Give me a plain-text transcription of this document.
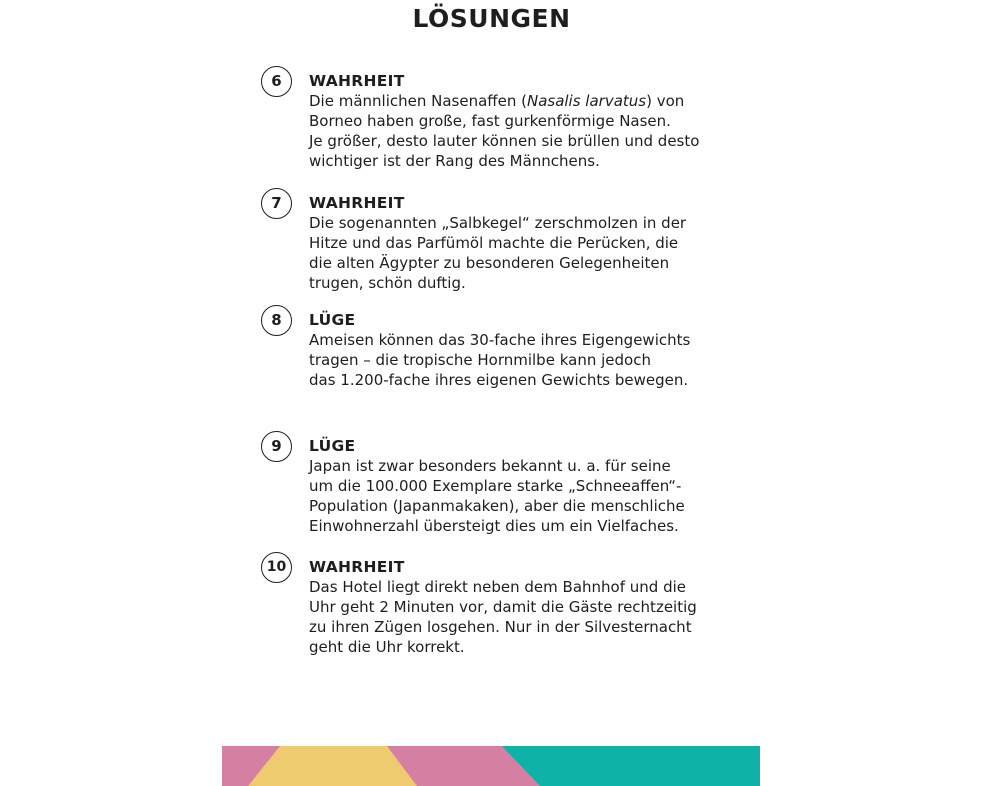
LÖSUNGEN
6	WAHRHEIT

Die männlichen Nasenaffen (Nasalis larvatus) von
Borneo haben große, fast gurkenförmige Nasen.
Je größer, desto lauter können sie brüllen und desto
wichtiger ist der Rang des Männchens.

7	WAHRHEIT

Die sogenannten „Salbkegel“ zerschmolzen in der
Hitze und das Parfümöl machte die Perücken, die
die alten Ägypter zu besonderen Gelegenheiten
trugen, schön duftig.

8	LÜGE

Ameisen können das 30-fache ihres Eigengewichts
tragen – die tropische Hornmilbe kann jedoch
das 1.200-fache ihres eigenen Gewichts bewegen.

9	LÜGE

Japan ist zwar besonders bekannt u. a. für seine
um die 100.000 Exemplare starke „Schneeaffen“-
Population (Japanmakaken), aber die menschliche
Einwohnerzahl übersteigt dies um ein Vielfaches.

10	WAHRHEIT

Das Hotel liegt direkt neben dem Bahnhof und die
Uhr geht 2 Minuten vor, damit die Gäste rechtzeitig
zu ihren Zügen losgehen. Nur in der Silvesternacht
geht die Uhr korrekt.
